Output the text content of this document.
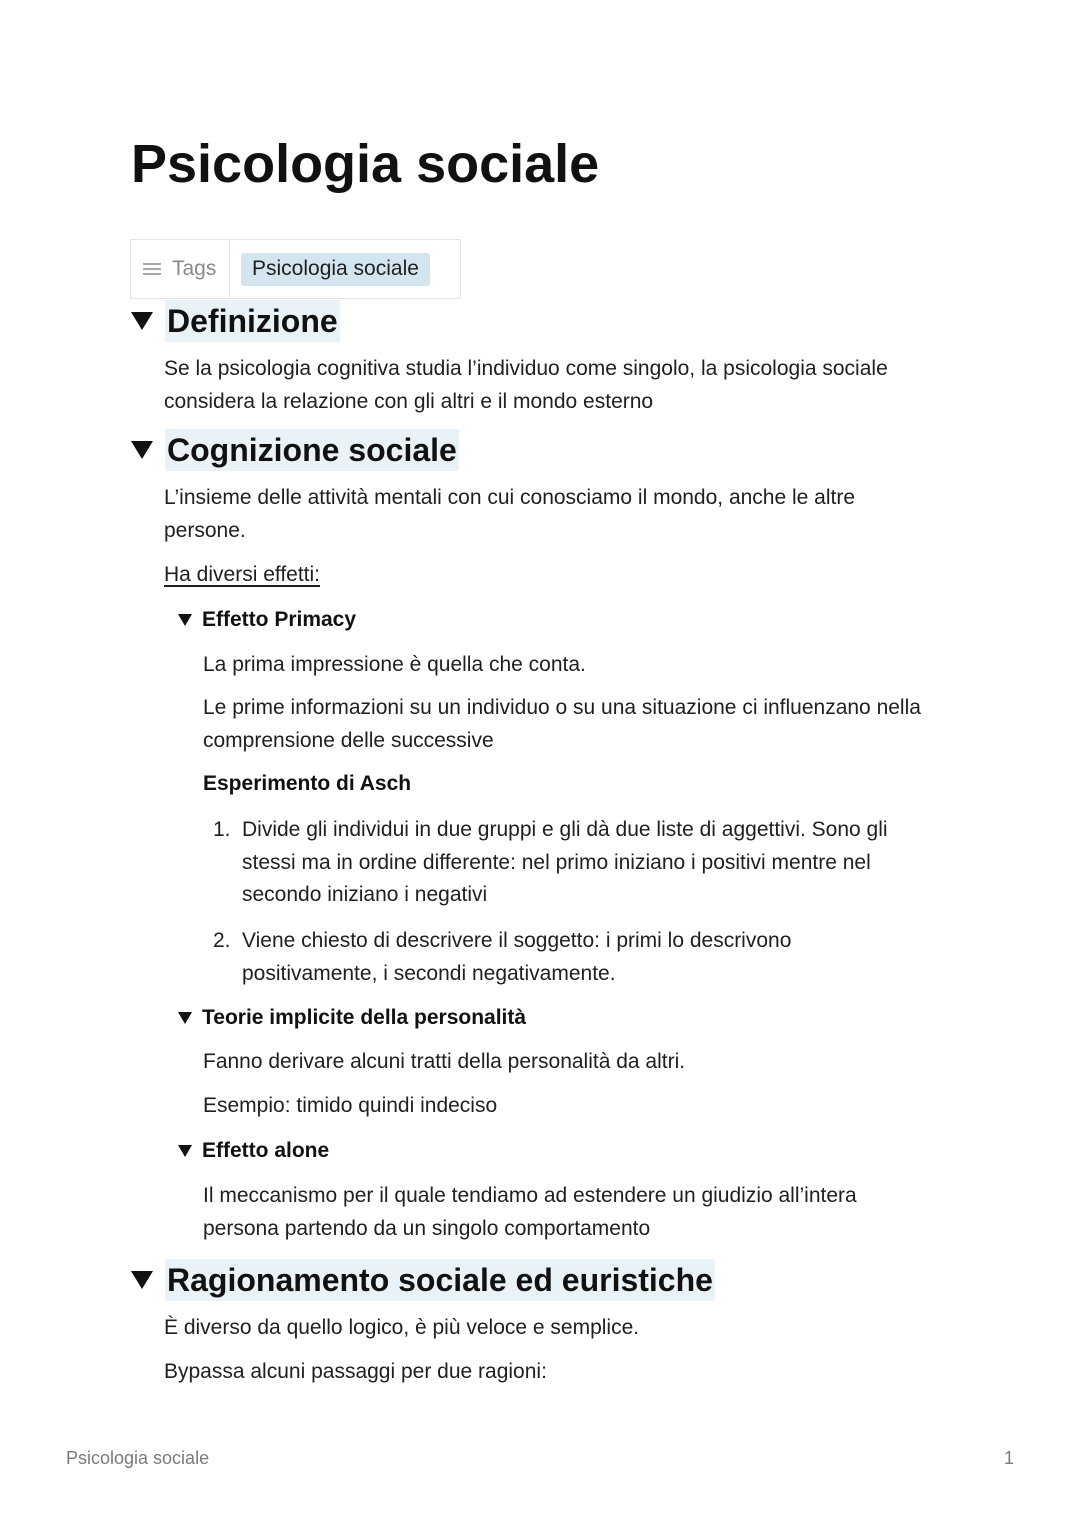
Psicologia sociale
Tags	Psicologia sociale
Definizione

Se la psicologia cognitiva studia l’individuo come singolo, la psicologia sociale

considera la relazione con gli altri e il mondo esterno

Cognizione sociale

L’insieme delle attività mentali con cui conosciamo il mondo, anche le altre

persone.

Ha diversi effetti:

Effetto Primacy

La prima impressione è quella che conta.

Le prime informazioni su un individuo o su una situazione ci influenzano nella

comprensione delle successive

Esperimento di Asch

1. Divide gli individui in due gruppi e gli dà due liste di aggettivi. Sono gli

stessi ma in ordine differente: nel primo iniziano i positivi mentre nel

secondo iniziano i negativi

2. Viene chiesto di descrivere il soggetto: i primi lo descrivono

positivamente, i secondi negativamente.

Teorie implicite della personalità

Fanno derivare alcuni tratti della personalità da altri.

Esempio: timido quindi indeciso

Effetto alone

Il meccanismo per il quale tendiamo ad estendere un giudizio all’intera

persona partendo da un singolo comportamento

Ragionamento sociale ed euristiche

È diverso da quello logico, è più veloce e semplice.

Bypassa alcuni passaggi per due ragioni:

Psicologia sociale	1
